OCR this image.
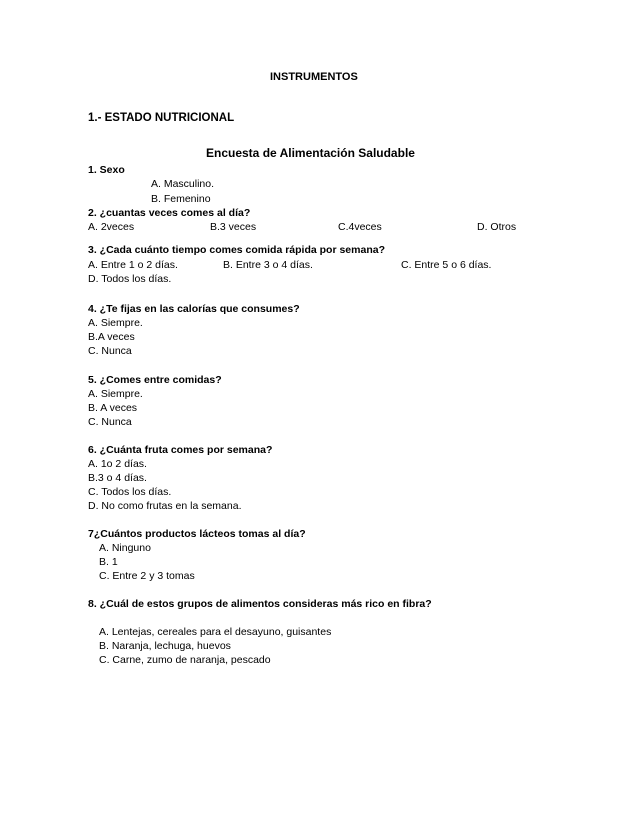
INSTRUMENTOS
1.- ESTADO NUTRICIONAL
Encuesta de Alimentación Saludable
1. Sexo
A. Masculino.
B. Femenino
2. ¿cuantas veces comes al día?
A. 2veces	B.3 veces	C.4veces	D. Otros
3. ¿Cada cuánto tiempo comes comida rápida por semana?
A. Entre 1 o 2 días.	B. Entre 3 o 4 días.	C. Entre 5 o 6 días.
D. Todos los días.
4. ¿Te fijas en las calorías que consumes?
A. Siempre.
B.A veces
C. Nunca
5. ¿Comes entre comidas?
A. Siempre.
B. A veces
C. Nunca
6. ¿Cuánta fruta comes por semana?
A. 1o 2 días.
B.3 o 4 días.
C. Todos los días.
D. No como frutas en la semana.
7¿Cuántos productos lácteos tomas al día?
A. Ninguno
B. 1
C. Entre 2 y 3 tomas
8. ¿Cuál de estos grupos de alimentos consideras más rico en fibra?
A. Lentejas, cereales para el desayuno, guisantes
B. Naranja, lechuga, huevos
C. Carne, zumo de naranja, pescado
